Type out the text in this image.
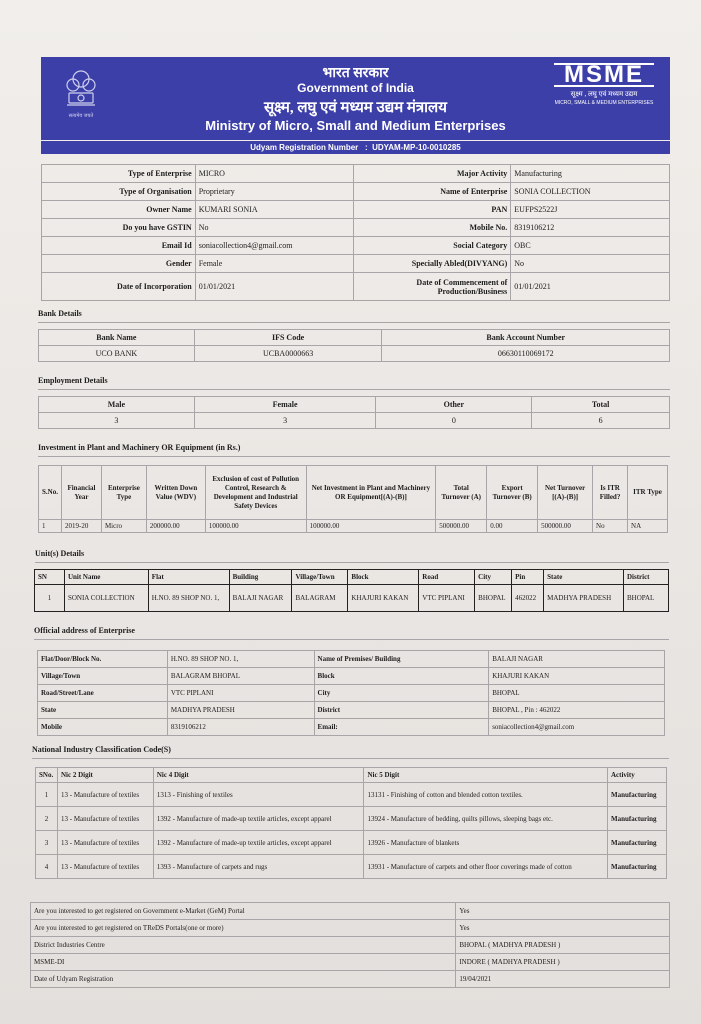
सत्यमेव जयते
भारत सरकार
Government of India
सूक्ष्म, लघु एवं मध्यम उद्यम मंत्रालय
Ministry of Micro, Small and Medium Enterprises
MSME
सूक्ष्म , लघु एवं मध्यम उद्यम
MICRO, SMALL & MEDIUM ENTERPRISES
Udyam Registration Number : UDYAM-MP-10-0010285
Type of Enterprise	MICRO	Major Activity	Manufacturing
Type of Organisation	Proprietary	Name of Enterprise	SONIA COLLECTION
Owner Name	KUMARI SONIA	PAN	EUFPS2522J
Do you have GSTIN	No	Mobile No.	8319106212
Email Id	soniacollection4@gmail.com	Social Category	OBC
Gender	Female	Specially Abled(DIVYANG)	No
Date of Incorporation	01/01/2021	Date of Commencement of Production/Business	01/01/2021
Bank Details
Bank Name	IFS Code	Bank Account Number
UCO BANK	UCBA0000663	06630110069172
Employment Details
Male	Female	Other	Total
3	3	0	6
Investment in Plant and Machinery OR Equipment (in Rs.)
S.No.	Financial Year	Enterprise Type	Written Down Value (WDV)	Exclusion of cost of Pollution Control, Research & Development and Industrial Safety Devices	Net Investment in Plant and Machinery OR Equipment[(A)-(B)]	Total Turnover (A)	Export Turnover (B)	Net Turnover [(A)-(B)]	Is ITR Filled?	ITR Type
1	2019-20	Micro	200000.00	100000.00	100000.00	500000.00	0.00	500000.00	No	NA
Unit(s) Details
SN	Unit Name	Flat	Building	Village/Town	Block	Road	City	Pin	State	District
1	SONIA COLLECTION	H.NO. 89 SHOP NO. 1,	BALAJI NAGAR	BALAGRAM	KHAJURI KAKAN	VTC PIPLANI	BHOPAL	462022	MADHYA PRADESH	BHOPAL
Official address of Enterprise
Flat/Door/Block No.	H.NO. 89 SHOP NO. 1,	Name of Premises/ Building	BALAJI NAGAR
Village/Town	BALAGRAM BHOPAL	Block	KHAJURI KAKAN
Road/Street/Lane	VTC PIPLANI	City	BHOPAL
State	MADHYA PRADESH	District	BHOPAL , Pin : 462022
Mobile	8319106212	Email:	soniacollection4@gmail.com
National Industry Classification Code(S)
SNo.	Nic 2 Digit	Nic 4 Digit	Nic 5 Digit	Activity
1	13 - Manufacture of textiles	1313 - Finishing of textiles	13131 - Finishing of cotton and blended cotton textiles.	Manufacturing
2	13 - Manufacture of textiles	1392 - Manufacture of made-up textile articles, except apparel	13924 - Manufacture of bedding, quilts pillows, sleeping bags etc.	Manufacturing
3	13 - Manufacture of textiles	1392 - Manufacture of made-up textile articles, except apparel	13926 - Manufacture of blankets	Manufacturing
4	13 - Manufacture of textiles	1393 - Manufacture of carpets and rugs	13931 - Manufacture of carpets and other floor coverings made of cotton	Manufacturing
Are you interested to get registered on Government e-Market (GeM) Portal	Yes
Are you interested to get registered on TReDS Portals(one or more)	Yes
District Industries Centre	BHOPAL ( MADHYA PRADESH )
MSME-DI	INDORE ( MADHYA PRADESH )
Date of Udyam Registration	19/04/2021
